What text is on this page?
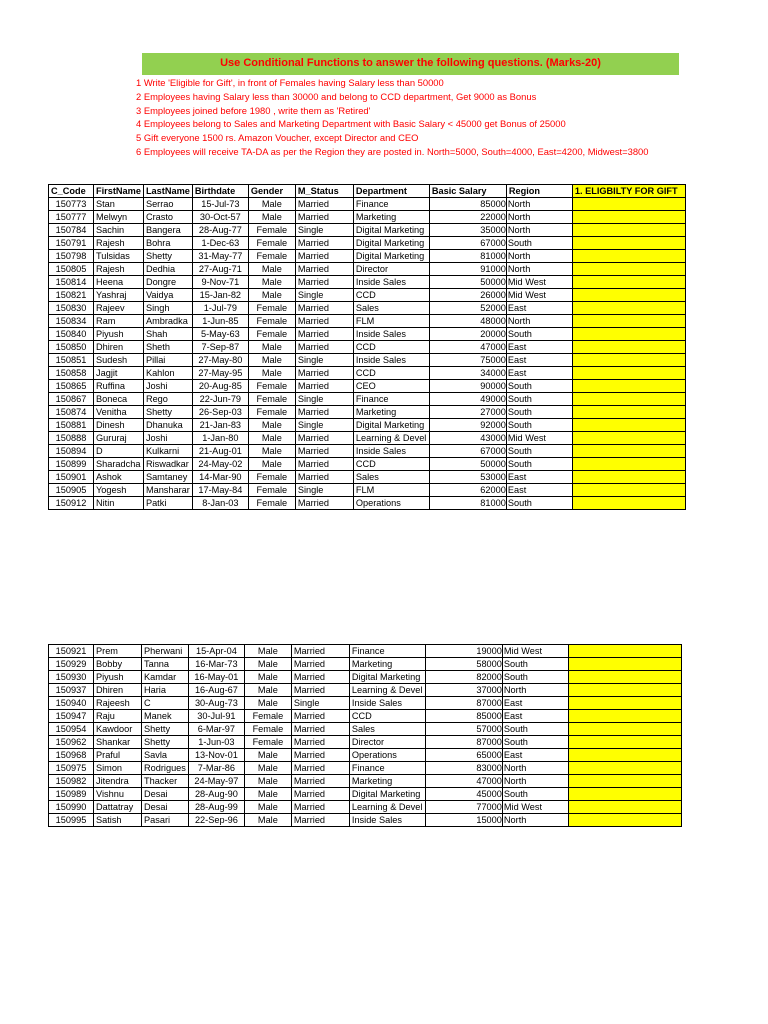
Use Conditional Functions to answer the following questions. (Marks-20)
1 Write 'Eligible for Gift', in front of Females having Salary less than 50000
2 Employees having Salary less than 30000 and belong to CCD department, Get 9000 as Bonus
3 Employees joined before 1980 , write them as 'Retired'
4 Employees belong to Sales and Marketing Department with Basic Salary < 45000 get Bonus of 25000
5 Gift everyone 1500 rs. Amazon Voucher, except Director and CEO
6 Employees will receive TA-DA as per the Region they are posted in. North=5000, South=4000, East=4200, Midwest=3800
C_Code	FirstName	LastName	Birthdate	Gender	M_Status	Department	Basic Salary	Region	1. ELIGBILTY FOR GIFT
150773	Stan	Serrao	15-Jul-73	Male	Married	Finance	85000	North	
150777	Melwyn	Crasto	30-Oct-57	Male	Married	Marketing	22000	North	
150784	Sachin	Bangera	28-Aug-77	Female	Single	Digital Marketing	35000	North	
150791	Rajesh	Bohra	1-Dec-63	Female	Married	Digital Marketing	67000	South	
150798	Tulsidas	Shetty	31-May-77	Female	Married	Digital Marketing	81000	North	
150805	Rajesh	Dedhia	27-Aug-71	Male	Married	Director	91000	North	
150814	Heena	Dongre	9-Nov-71	Male	Married	Inside Sales	50000	Mid West	
150821	Yashraj	Vaidya	15-Jan-82	Male	Single	CCD	26000	Mid West	
150830	Rajeev	Singh	1-Jul-79	Female	Married	Sales	52000	East	
150834	Ram	Ambradka	1-Jun-85	Female	Married	FLM	48000	North	
150840	Piyush	Shah	5-May-63	Female	Married	Inside Sales	20000	South	
150850	Dhiren	Sheth	7-Sep-87	Male	Married	CCD	47000	East	
150851	Sudesh	Pillai	27-May-80	Male	Single	Inside Sales	75000	East	
150858	Jagjit	Kahlon	27-May-95	Male	Married	CCD	34000	East	
150865	Ruffina	Joshi	20-Aug-85	Female	Married	CEO	90000	South	
150867	Boneca	Rego	22-Jun-79	Female	Single	Finance	49000	South	
150874	Venitha	Shetty	26-Sep-03	Female	Married	Marketing	27000	South	
150881	Dinesh	Dhanuka	21-Jan-83	Male	Single	Digital Marketing	92000	South	
150888	Gururaj	Joshi	1-Jan-80	Male	Married	Learning & Devel	43000	Mid West	
150894	D	Kulkarni	21-Aug-01	Male	Married	Inside Sales	67000	South	
150899	Sharadcha	Riswadkar	24-May-02	Male	Married	CCD	50000	South	
150901	Ashok	Samtaney	14-Mar-90	Female	Married	Sales	53000	East	
150905	Yogesh	Mansharar	17-May-84	Female	Single	FLM	62000	East	
150912	Nitin	Patki	8-Jan-03	Female	Married	Operations	81000	South	
150921	Prem	Pherwani	15-Apr-04	Male	Married	Finance	19000	Mid West	
150929	Bobby	Tanna	16-Mar-73	Male	Married	Marketing	58000	South	
150930	Piyush	Kamdar	16-May-01	Male	Married	Digital Marketing	82000	South	
150937	Dhiren	Haria	16-Aug-67	Male	Married	Learning & Devel	37000	North	
150940	Rajeesh	C	30-Aug-73	Male	Single	Inside Sales	87000	East	
150947	Raju	Manek	30-Jul-91	Female	Married	CCD	85000	East	
150954	Kawdoor	Shetty	6-Mar-97	Female	Married	Sales	57000	South	
150962	Shankar	Shetty	1-Jun-03	Female	Married	Director	87000	South	
150968	Praful	Savla	13-Nov-01	Male	Married	Operations	65000	East	
150975	Simon	Rodrigues	7-Mar-86	Male	Married	Finance	83000	North	
150982	Jitendra	Thacker	24-May-97	Male	Married	Marketing	47000	North	
150989	Vishnu	Desai	28-Aug-90	Male	Married	Digital Marketing	45000	South	
150990	Dattatray	Desai	28-Aug-99	Male	Married	Learning & Devel	77000	Mid West	
150995	Satish	Pasari	22-Sep-96	Male	Married	Inside Sales	15000	North	
